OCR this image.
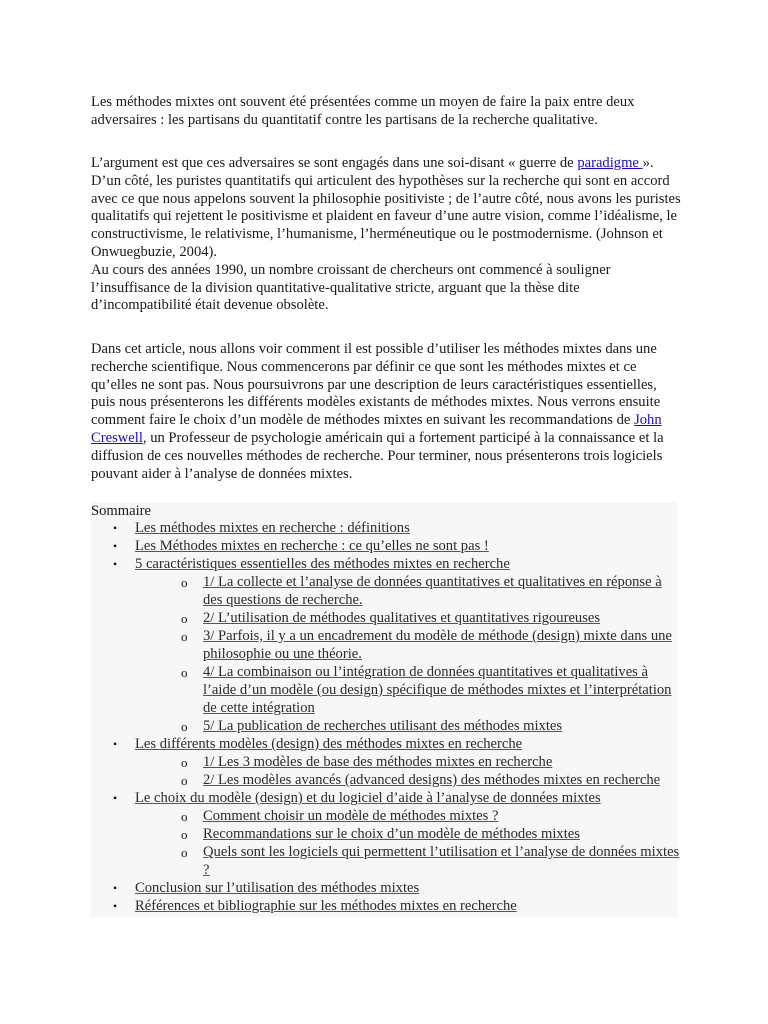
Les méthodes mixtes ont souvent été présentées comme un moyen de faire la paix entre deux adversaires : les partisans du quantitatif contre les partisans de la recherche qualitative.

L’argument est que ces adversaires se sont engagés dans une soi-disant « guerre de paradigme ». D’un côté, les puristes quantitatifs qui articulent des hypothèses sur la recherche qui sont en accord avec ce que nous appelons souvent la philosophie positiviste ; de l’autre côté, nous avons les puristes qualitatifs qui rejettent le positivisme et plaident en faveur d’une autre vision, comme l’idéalisme, le constructivisme, le relativisme, l’humanisme, l’herméneutique ou le postmodernisme. (Johnson et Onwuegbuzie, 2004).
Au cours des années 1990, un nombre croissant de chercheurs ont commencé à souligner l’insuffisance de la division quantitative-qualitative stricte, arguant que la thèse dite d’incompatibilité était devenue obsolète.

Dans cet article, nous allons voir comment il est possible d’utiliser les méthodes mixtes dans une recherche scientifique. Nous commencerons par définir ce que sont les méthodes mixtes et ce qu’elles ne sont pas. Nous poursuivrons par une description de leurs caractéristiques essentielles, puis nous présenterons les différents modèles existants de méthodes mixtes. Nous verrons ensuite comment faire le choix d’un modèle de méthodes mixtes en suivant les recommandations de John Creswell, un Professeur de psychologie américain qui a fortement participé à la connaissance et la diffusion de ces nouvelles méthodes de recherche. Pour terminer, nous présenterons trois logiciels pouvant aider à l’analyse de données mixtes.

Sommaire
• Les méthodes mixtes en recherche : définitions
• Les Méthodes mixtes en recherche : ce qu’elles ne sont pas !
• 5 caractéristiques essentielles des méthodes mixtes en recherche
o 1/ La collecte et l’analyse de données quantitatives et qualitatives en réponse à des questions de recherche.
o 2/ L’utilisation de méthodes qualitatives et quantitatives rigoureuses
o 3/ Parfois, il y a un encadrement du modèle de méthode (design) mixte dans une philosophie ou une théorie.
o 4/ La combinaison ou l’intégration de données quantitatives et qualitatives à l’aide d’un modèle (ou design) spécifique de méthodes mixtes et l’interprétation de cette intégration
o 5/ La publication de recherches utilisant des méthodes mixtes
• Les différents modèles (design) des méthodes mixtes en recherche
o 1/ Les 3 modèles de base des méthodes mixtes en recherche
o 2/ Les modèles avancés (advanced designs) des méthodes mixtes en recherche
• Le choix du modèle (design) et du logiciel d’aide à l’analyse de données mixtes
o Comment choisir un modèle de méthodes mixtes ?
o Recommandations sur le choix d’un modèle de méthodes mixtes
o Quels sont les logiciels qui permettent l’utilisation et l’analyse de données mixtes ?
• Conclusion sur l’utilisation des méthodes mixtes
• Références et bibliographie sur les méthodes mixtes en recherche
